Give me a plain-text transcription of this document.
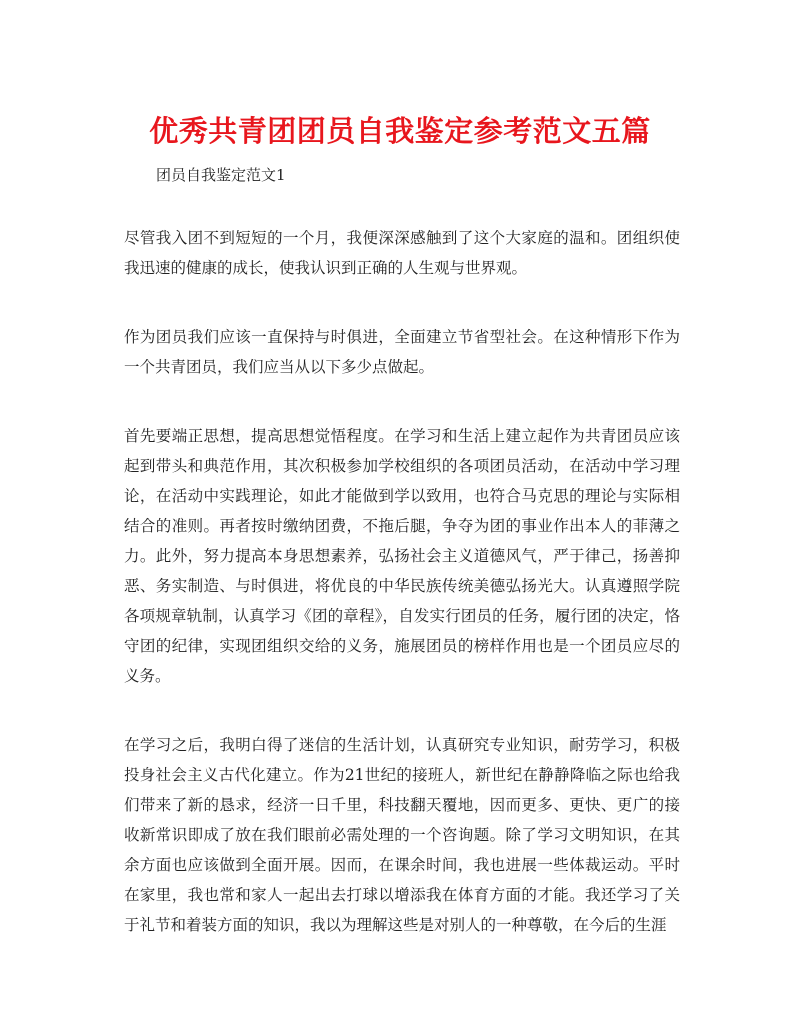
优秀共青团团员自我鉴定参考范文五篇

团员自我鉴定范文1

尽管我入团不到短短的一个月，我便深深感触到了这个大家庭的温和。团组织使我迅速的健康的成长，使我认识到正确的人生观与世界观。

作为团员我们应该一直保持与时俱进，全面建立节省型社会。在这种情形下作为一个共青团员，我们应当从以下多少点做起。

首先要端正思想，提高思想觉悟程度。在学习和生活上建立起作为共青团员应该起到带头和典范作用，其次积极参加学校组织的各项团员活动，在活动中学习理论，在活动中实践理论，如此才能做到学以致用，也符合马克思的理论与实际相结合的准则。再者按时缴纳团费，不拖后腿，争夺为团的事业作出本人的菲薄之力。此外，努力提高本身思想素养，弘扬社会主义道德风气，严于律己，扬善抑恶、务实制造、与时俱进，将优良的中华民族传统美德弘扬光大。认真遵照学院各项规章轨制，认真学习《团的章程》，自发实行团员的任务，履行团的决定，恪守团的纪律，实现团组织交给的义务，施展团员的榜样作用也是一个团员应尽的义务。

在学习之后，我明白得了迷信的生活计划，认真研究专业知识，耐劳学习，积极投身社会主义古代化建立。作为21世纪的接班人，新世纪在静静降临之际也给我们带来了新的恳求，经济一日千里，科技翻天覆地，因而更多、更快、更广的接收新常识即成了放在我们眼前必需处理的一个咨询题。除了学习文明知识，在其余方面也应该做到全面开展。因而，在课余时间，我也进展一些体裁运动。平时在家里，我也常和家人一起出去打球以增添我在体育方面的才能。我还学习了关于礼节和着装方面的知识，我以为理解这些是对别人的一种尊敬，在今后的生涯
